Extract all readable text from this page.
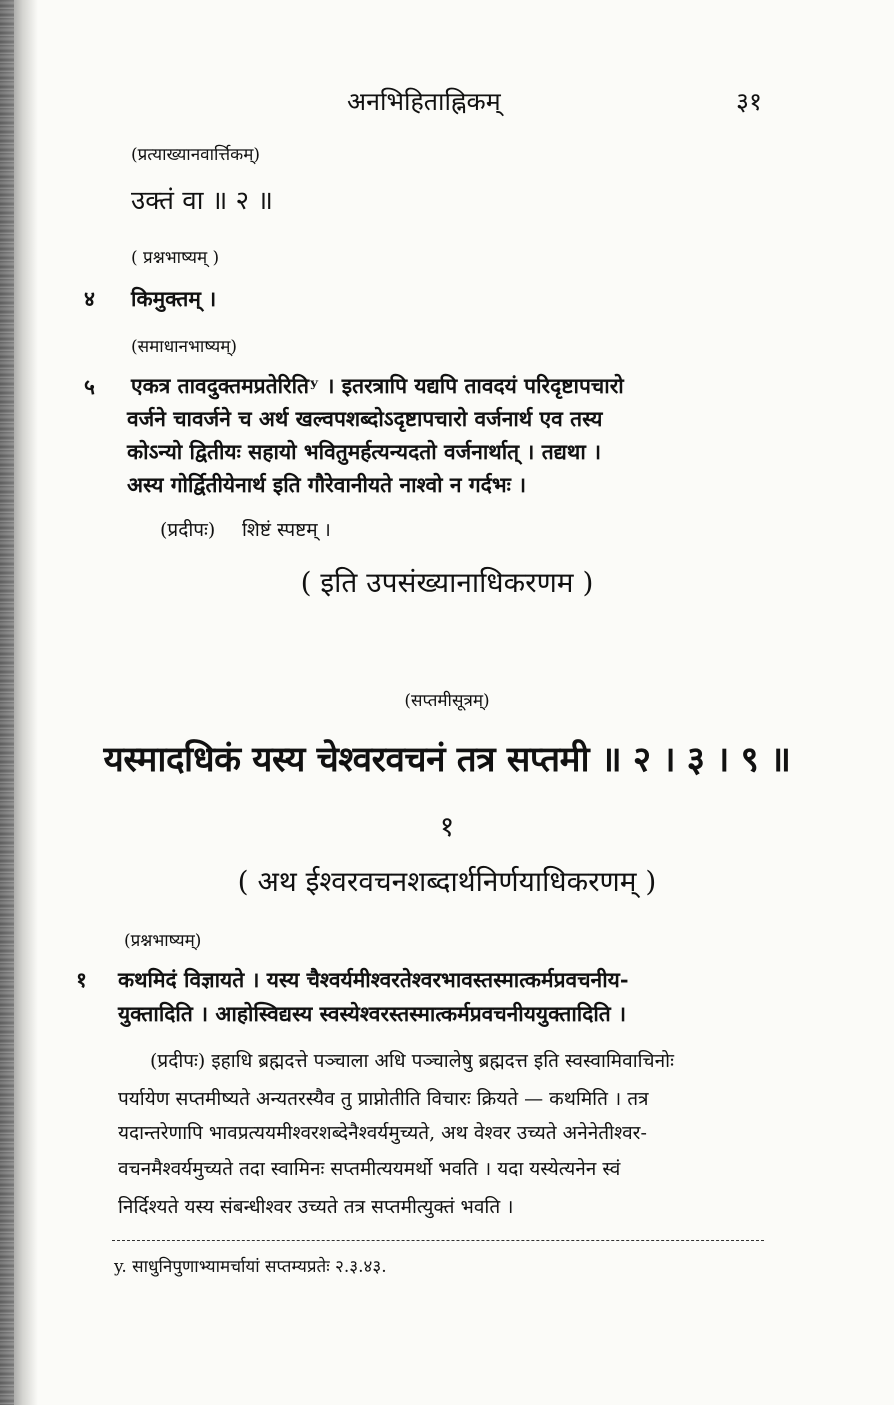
अनभिहिताह्निकम्	३१
(प्रत्याख्यानवार्त्तिकम्)
उक्तं वा ॥ २ ॥
( प्रश्नभाष्यम् )
४ किमुक्तम् ।
(समाधानभाष्यम्)
५ एकत्र तावदुक्तमप्रतेरितिʸ । इतरत्रापि यद्यपि तावदयं परिदृष्टापचारो
वर्जने चावर्जने च अर्थ खल्वपशब्दोऽदृष्टापचारो वर्जनार्थ एव तस्य
कोऽन्यो द्वितीयः सहायो भवितुमर्हत्यन्यदतो वर्जनार्थात् । तद्यथा ।
अस्य गोर्द्वितीयेनार्थ इति गौरेवानीयते नाश्वो न गर्दभः ।
(प्रदीपः) शिष्टं स्पष्टम् ।
( इति उपसंख्यानाधिकरणम )
(सप्तमीसूत्रम्)
यस्मादधिकं यस्य चेश्वरवचनं तत्र सप्तमी ॥ २ । ३ । ९ ॥
१
( अथ ईश्वरवचनशब्दार्थनिर्णयाधिकरणम् )
(प्रश्नभाष्यम्)
१ कथमिदं विज्ञायते । यस्य चैश्वर्यमीश्वरतेश्वरभावस्तस्मात्कर्मप्रवचनीय-
युक्तादिति । आहोस्विद्यस्य स्वस्येश्वरस्तस्मात्कर्मप्रवचनीययुक्तादिति ।
(प्रदीपः) इहाधि ब्रह्मदत्ते पञ्चाला अधि पञ्चालेषु ब्रह्मदत्त इति स्वस्वामिवाचिनोः
पर्यायेण सप्तमीष्यते अन्यतरस्यैव तु प्राप्नोतीति विचारः क्रियते — कथमिति । तत्र
यदान्तरेणापि भावप्रत्ययमीश्वरशब्देनैश्वर्यमुच्यते, अथ वेश्वर उच्यते अनेनेतीश्वर-
वचनमैश्वर्यमुच्यते तदा स्वामिनः सप्तमीत्ययमर्थो भवति । यदा यस्येत्यनेन स्वं
निर्दिश्यते यस्य संबन्धीश्वर उच्यते तत्र सप्तमीत्युक्तं भवति ।
y. साधुनिपुणाभ्यामर्चायां सप्तम्यप्रतेः २.३.४३.
